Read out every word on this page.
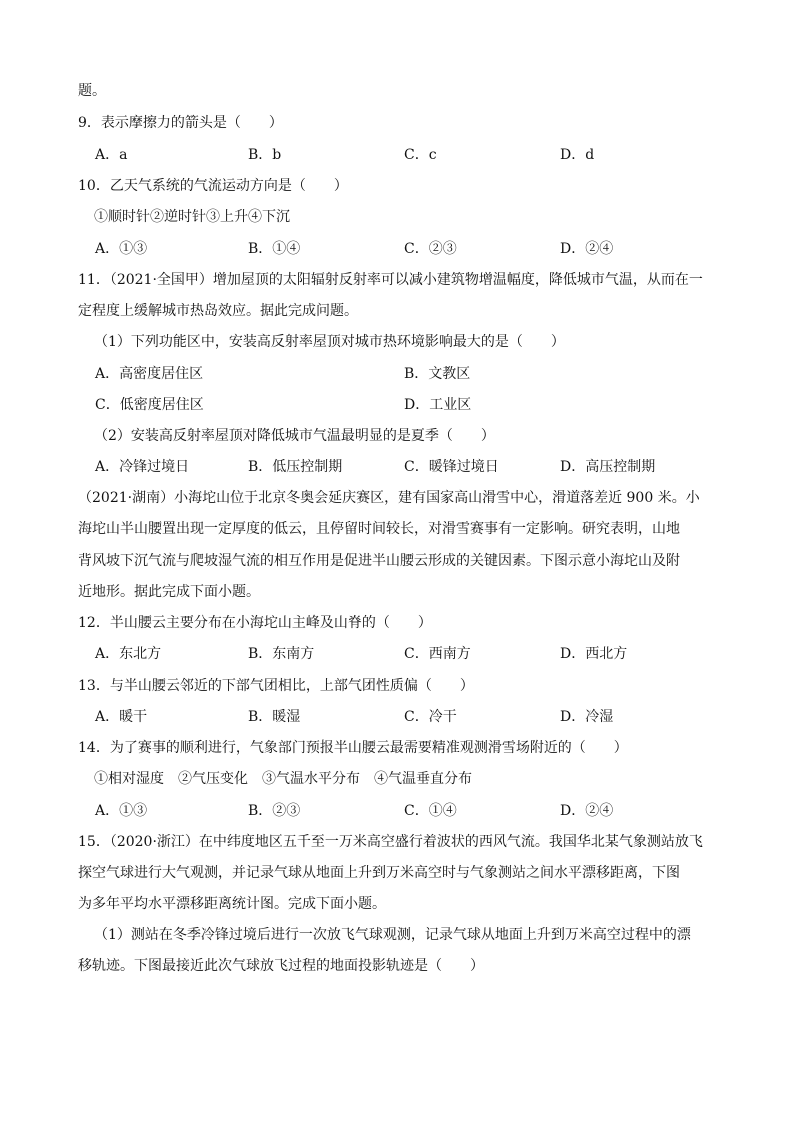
题。
9．表示摩擦力的箭头是（　　）
A．a	B．b	C．c	D．d
10．乙天气系统的气流运动方向是（　　）
①顺时针②逆时针③上升④下沉
A．①③	B．①④	C．②③	D．②④
11．（2021·全国甲）增加屋顶的太阳辐射反射率可以减小建筑物增温幅度，降低城市气温，从而在一
定程度上缓解城市热岛效应。据此完成问题。
（1）下列功能区中，安装高反射率屋顶对城市热环境影响最大的是（　　）
A．高密度居住区	B．文教区
C．低密度居住区	D．工业区
（2）安装高反射率屋顶对降低城市气温最明显的是夏季（　　）
A．冷锋过境日	B．低压控制期	C．暖锋过境日	D．高压控制期
（2021·湖南）小海坨山位于北京冬奥会延庆赛区，建有国家高山滑雪中心，滑道落差近 900 米。小
海坨山半山腰置出现一定厚度的低云，且停留时间较长，对滑雪赛事有一定影响。研究表明，山地
背风坡下沉气流与爬坡湿气流的相互作用是促进半山腰云形成的关键因素。下图示意小海坨山及附
近地形。据此完成下面小题。
12．半山腰云主要分布在小海坨山主峰及山脊的（　　）
A．东北方	B．东南方	C．西南方	D．西北方
13．与半山腰云邻近的下部气团相比，上部气团性质偏（　　）
A．暖干	B．暖湿	C．冷干	D．冷湿
14．为了赛事的顺利进行，气象部门预报半山腰云最需要精准观测滑雪场附近的（　　）
①相对湿度　②气压变化　③气温水平分布　④气温垂直分布
A．①③	B．②③	C．①④	D．②④
15．（2020·浙江）在中纬度地区五千至一万米高空盛行着波状的西风气流。我国华北某气象测站放飞
探空气球进行大气观测，并记录气球从地面上升到万米高空时与气象测站之间水平漂移距离，下图
为多年平均水平漂移距离统计图。完成下面小题。
（1）测站在冬季冷锋过境后进行一次放飞气球观测，记录气球从地面上升到万米高空过程中的漂
移轨迹。下图最接近此次气球放飞过程的地面投影轨迹是（　　）
